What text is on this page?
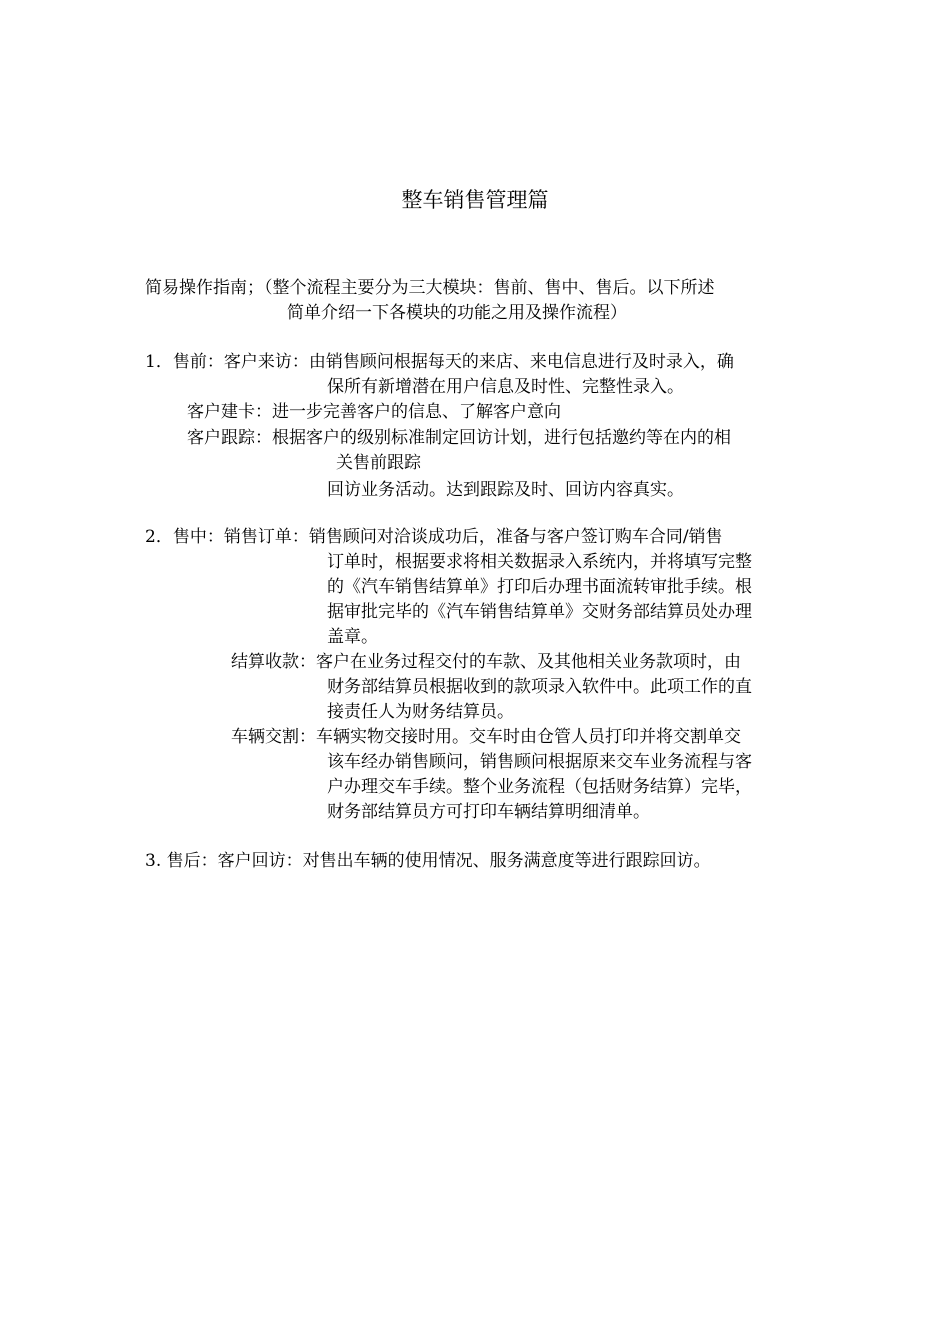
整车销售管理篇
简易操作指南；（整个流程主要分为三大模块：售前、售中、售后。以下所述
简单介绍一下各模块的功能之用及操作流程）
1．售前：客户来访：由销售顾问根据每天的来店、来电信息进行及时录入，确
保所有新增潜在用户信息及时性、完整性录入。
客户建卡：进一步完善客户的信息、了解客户意向
客户跟踪：根据客户的级别标准制定回访计划，进行包括邀约等在内的相
关售前跟踪
回访业务活动。达到跟踪及时、回访内容真实。
2．售中：销售订单：销售顾问对洽谈成功后，准备与客户签订购车合同/销售
订单时，根据要求将相关数据录入系统内，并将填写完整
的《汽车销售结算单》打印后办理书面流转审批手续。根
据审批完毕的《汽车销售结算单》交财务部结算员处办理
盖章。
结算收款：客户在业务过程交付的车款、及其他相关业务款项时，由
财务部结算员根据收到的款项录入软件中。此项工作的直
接责任人为财务结算员。
车辆交割：车辆实物交接时用。交车时由仓管人员打印并将交割单交
该车经办销售顾问，销售顾问根据原来交车业务流程与客
户办理交车手续。整个业务流程（包括财务结算）完毕，
财务部结算员方可打印车辆结算明细清单。
3. 售后：客户回访：对售出车辆的使用情况、服务满意度等进行跟踪回访。
